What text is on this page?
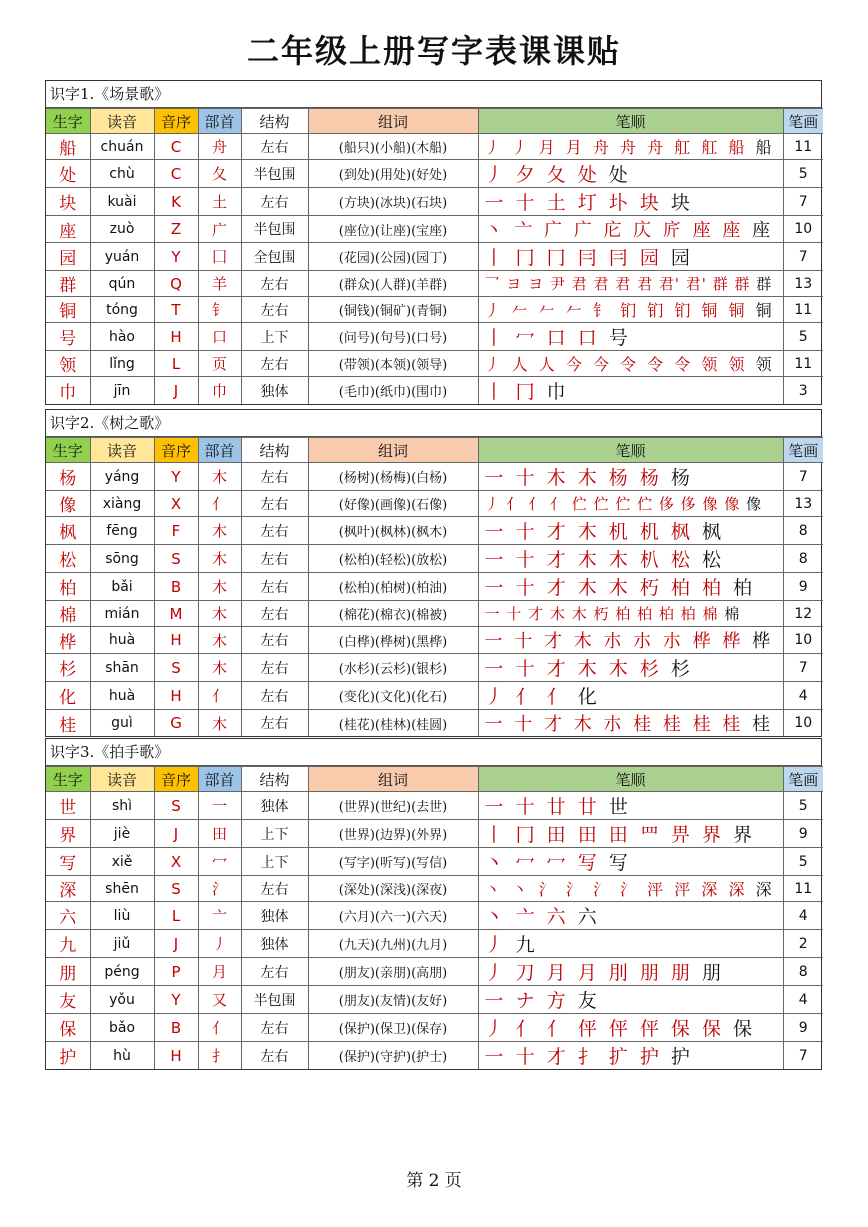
二年级上册写字表课课贴
识字1.《场景歌》
生字	读音	音序	部首	结构	组词	笔顺	笔画
船	chuán	C	舟	左右	(船只)(小船)(木船)	丿 丿 月 月 舟 舟 舟 舡 舡 船 船	11
处	chù	C	夂	半包围	(到处)(用处)(好处)	丿 夕 夂 处 处	5
块	kuài	K	土	左右	(方块)(冰块)(石块)	一 十 土 圢 圤 块 块	7
座	zuò	Z	广	半包围	(座位)(让座)(宝座)	丶 亠 广 广 庀 庂 庍 座 座 座	10
园	yuán	Y	囗	全包围	(花园)(公园)(园丁)	丨 冂 冂 冃 冃 园 园	7
群	qún	Q	羊	左右	(群众)(人群)(羊群)	乛 ヨ ヨ 尹 君 君 君 君 君' 君' 群 群 群	13
铜	tóng	T	钅	左右	(铜钱)(铜矿)(青铜)	丿 𠂉 𠂉 𠂉 钅 钔 钔 钔 铜 铜 铜	11
号	hào	H	口	上下	(问号)(句号)(口号)	丨 冖 口 口 号	5
领	lǐng	L	页	左右	(带领)(本领)(领导)	丿 人 人 今 今 令 令 令 领 领 领	11
巾	jīn	J	巾	独体	(毛巾)(纸巾)(围巾)	丨 冂 巾	3
识字2.《树之歌》
生字	读音	音序	部首	结构	组词	笔顺	笔画
杨	yáng	Y	木	左右	(杨树)(杨梅)(白杨)	一 十 木 木 杨 杨 杨	7
像	xiàng	X	亻	左右	(好像)(画像)(石像)	丿 亻 亻 亻 伫 伫 伫 伫 侈 侈 像 像 像	13
枫	fēng	F	木	左右	(枫叶)(枫林)(枫木)	一 十 才 木 机 机 枫 枫	8
松	sōng	S	木	左右	(松柏)(轻松)(放松)	一 十 才 木 木 朳 松 松	8
柏	bǎi	B	木	左右	(松柏)(柏树)(柏油)	一 十 才 木 木 朽 柏 柏 柏	9
棉	mián	M	木	左右	(棉花)(棉衣)(棉被)	一 十 才 木 木 朽 柏 柏 柏 柏 棉 棉	12
桦	huà	H	木	左右	(白桦)(桦树)(黑桦)	一 十 才 木 朩 朩 朩 桦 桦 桦	10
杉	shān	S	木	左右	(水杉)(云杉)(银杉)	一 十 才 木 木 杉 杉	7
化	huà	H	亻	左右	(变化)(文化)(化石)	丿 亻 亻 化	4
桂	guì	G	木	左右	(桂花)(桂林)(桂圆)	一 十 才 木 朩 桂 桂 桂 桂 桂	10
识字3.《拍手歌》
生字	读音	音序	部首	结构	组词	笔顺	笔画
世	shì	S	一	独体	(世界)(世纪)(去世)	一 十 廿 廿 世	5
界	jiè	J	田	上下	(世界)(边界)(外界)	丨 冂 田 田 田 罒 畀 界 界	9
写	xiě	X	冖	上下	(写字)(听写)(写信)	丶 冖 冖 写 写	5
深	shēn	S	氵	左右	(深处)(深浅)(深夜)	丶 丶 氵 氵 氵 氵 泙 泙 深 深 深	11
六	liù	L	亠	独体	(六月)(六一)(六天)	丶 亠 六 六	4
九	jiǔ	J	丿	独体	(九天)(九州)(九月)	丿 九	2
朋	péng	P	月	左右	(朋友)(亲朋)(高朋)	丿 刀 月 月 刖 朋 朋 朋	8
友	yǒu	Y	又	半包围	(朋友)(友情)(友好)	一 ナ 方 友	4
保	bǎo	B	亻	左右	(保护)(保卫)(保存)	丿 亻 亻 伻 伻 伻 保 保 保	9
护	hù	H	扌	左右	(保护)(守护)(护士)	一 十 才 扌 扩 护 护	7
第 2 页
